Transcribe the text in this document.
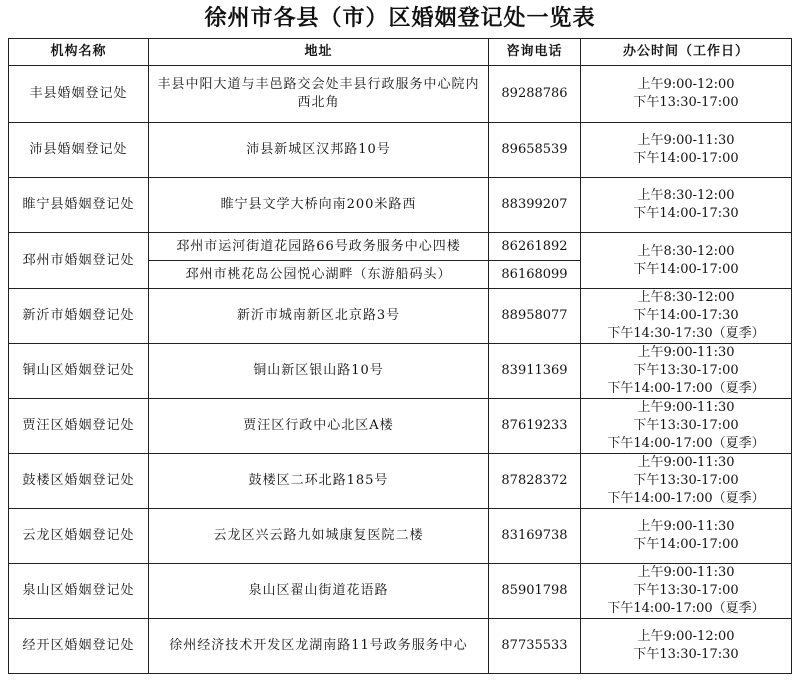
徐州市各县（市）区婚姻登记处一览表
机构名称	地址	咨询电话	办公时间（工作日）
丰县婚姻登记处	丰县中阳大道与丰邑路交会处丰县行政服务中心院内西北角	89288786	上午9:00-12:00
下午13:30-17:00

沛县婚姻登记处	沛县新城区汉邦路10号	89658539	上午9:00-11:30
下午14:00-17:00

睢宁县婚姻登记处	睢宁县文学大桥向南200米路西	88399207	上午8:30-12:00
下午14:00-17:30

邳州市婚姻登记处	邳州市运河街道花园路66号政务服务中心四楼	86261892	上午8:30-12:00
下午14:00-17:00

	邳州市桃花岛公园悦心湖畔（东游船码头）	86168099	
新沂市婚姻登记处	新沂市城南新区北京路3号	88958077	上午8:30-12:00
下午14:00-17:30
下午14:30-17:30（夏季）

铜山区婚姻登记处	铜山新区银山路10号	83911369	上午9:00-11:30
下午13:30-17:00
下午14:00-17:00（夏季）

贾汪区婚姻登记处	贾汪区行政中心北区A楼	87619233	上午9:00-11:30
下午13:30-17:00
下午14:00-17:00（夏季）

鼓楼区婚姻登记处	鼓楼区二环北路185号	87828372	上午9:00-11:30
下午13:30-17:00
下午14:00-17:00（夏季）

云龙区婚姻登记处	云龙区兴云路九如城康复医院二楼	83169738	上午9:00-11:30
下午14:00-17:00

泉山区婚姻登记处	泉山区翟山街道花语路	85901798	上午9:00-11:30
下午13:30-17:00
下午14:00-17:00（夏季）

经开区婚姻登记处	徐州经济技术开发区龙湖南路11号政务服务中心	87735533	上午9:00-12:00
下午13:30-17:30
